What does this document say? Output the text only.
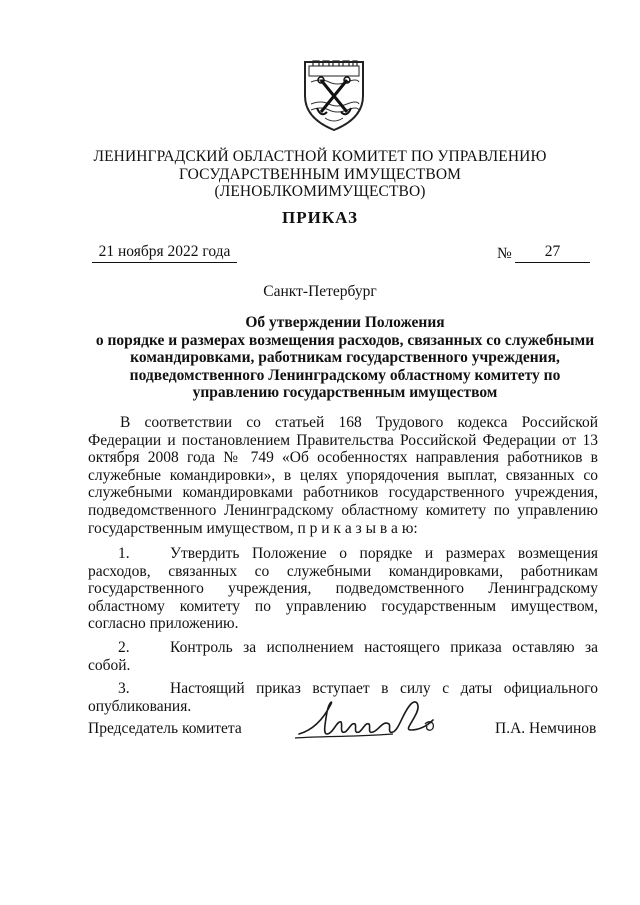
ЛЕНИНГРАДСКИЙ ОБЛАСТНОЙ КОМИТЕТ ПО УПРАВЛЕНИЮ
ГОСУДАРСТВЕННЫМ ИМУЩЕСТВОМ
(ЛЕНОБЛКОМИМУЩЕСТВО)
ПРИКАЗ
21 ноября 2022 года	№	27
Санкт-Петербург
Об утверждении Положения
о порядке и размерах возмещения расходов, связанных со служебными
командировками, работникам государственного учреждения,
подведомственного Ленинградскому областному комитету по
управлению государственным имуществом
В соответствии со статьей 168 Трудового кодекса Российской Федерации и постановлением Правительства Российской Федерации от 13 октября 2008 года № 749 «Об особенностях направления работников в служебные командировки», в целях упорядочения выплат, связанных со служебными командировками работников государственного учреждения, подведомственного Ленинградскому областному комитету по управлению государственным имуществом, п р и к а з ы в а ю:
1.	Утвердить Положение о порядке и размерах возмещения расходов, связанных со служебными командировками, работникам государственного учреждения, подведомственного Ленинградскому областному комитету по управлению государственным имуществом, согласно приложению.
2.	Контроль за исполнением настоящего приказа оставляю за собой.
3.	Настоящий приказ вступает в силу с даты официального опубликования.
Председатель комитета	П.А. Немчинов
